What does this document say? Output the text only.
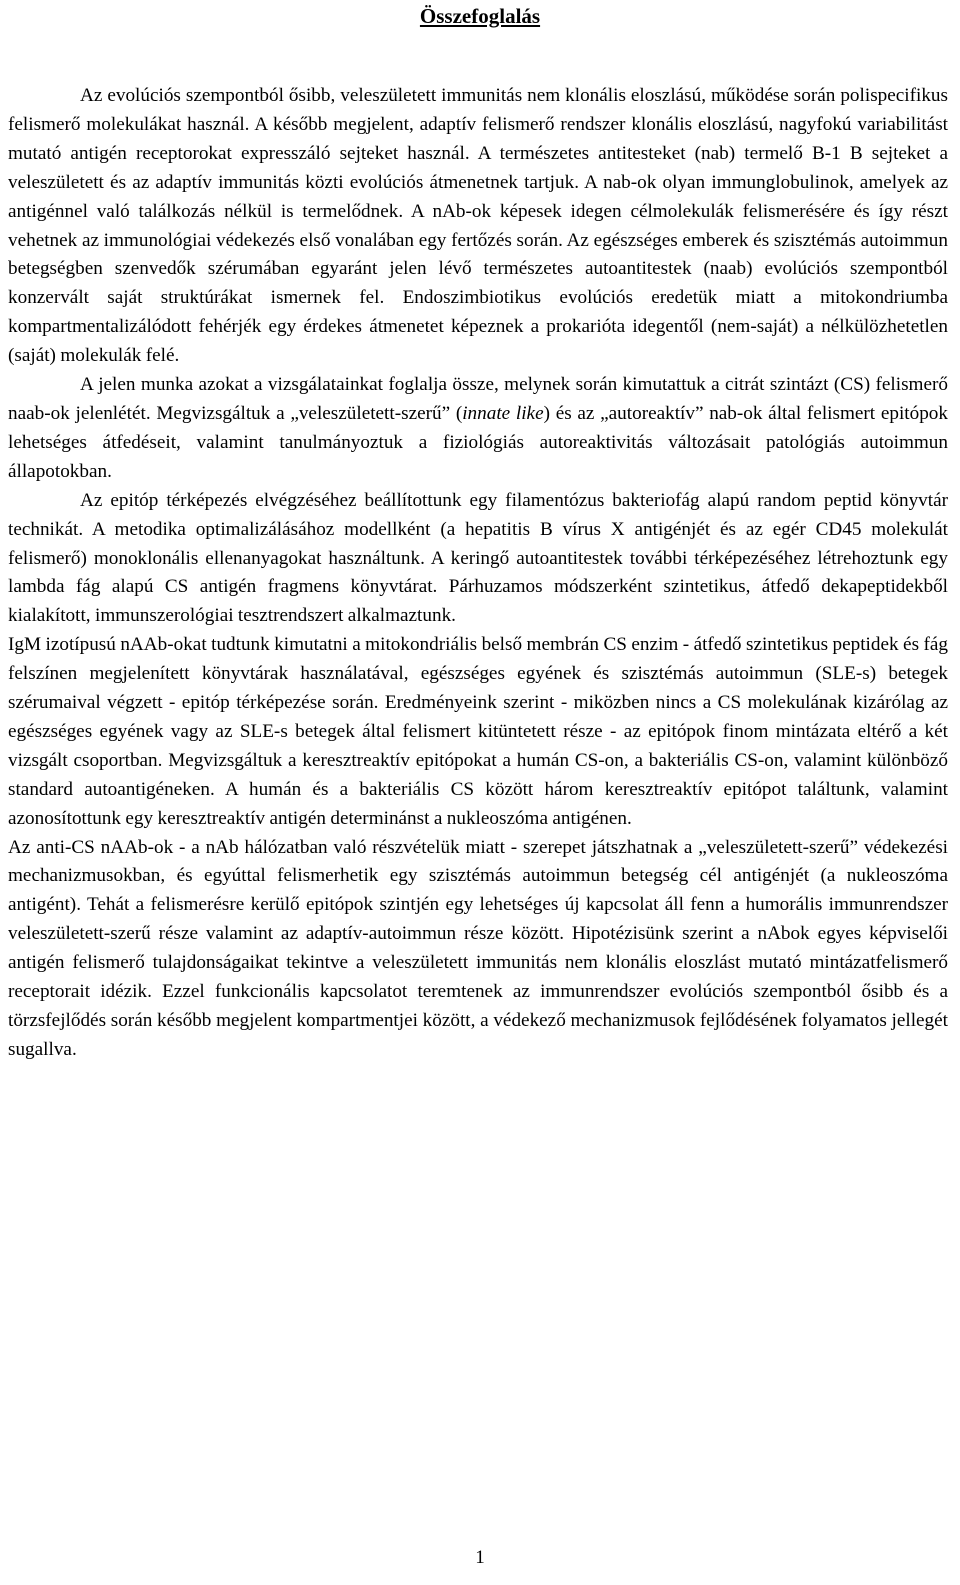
Összefoglalás

Az evolúciós szempontból ősibb, veleszületett immunitás nem klonális eloszlású, működése során polispecifikus felismerő molekulákat használ. A később megjelent, adaptív felismerő rendszer klonális eloszlású, nagyfokú variabilitást mutató antigén receptorokat expresszáló sejteket használ. A természetes antitesteket (nab) termelő B-1 B sejteket a veleszületett és az adaptív immunitás közti evolúciós átmenetnek tartjuk. A nab-ok olyan immunglobulinok, amelyek az antigénnel való találkozás nélkül is termelődnek. A nAb-ok képesek idegen célmolekulák felismerésére és így részt vehetnek az immunológiai védekezés első vonalában egy fertőzés során. Az egészséges emberek és szisztémás autoimmun betegségben szenvedők szérumában egyaránt jelen lévő természetes autoantitestek (naab) evolúciós szempontból konzervált saját struktúrákat ismernek fel. Endoszimbiotikus evolúciós eredetük miatt a mitokondriumba kompartmentalizálódott fehérjék egy érdekes átmenetet képeznek a prokarióta idegentől (nem-saját) a nélkülözhetetlen (saját) molekulák felé.

A jelen munka azokat a vizsgálatainkat foglalja össze, melynek során kimutattuk a citrát szintázt (CS) felismerő naab-ok jelenlétét. Megvizsgáltuk a „veleszületett-szerű” (innate like) és az „autoreaktív” nab-ok által felismert epitópok lehetséges átfedéseit, valamint tanulmányoztuk a fiziológiás autoreaktivitás változásait patológiás autoimmun állapotokban.

Az epitóp térképezés elvégzéséhez beállítottunk egy filamentózus bakteriofág alapú random peptid könyvtár technikát. A metodika optimalizálásához modellként (a hepatitis B vírus X antigénjét és az egér CD45 molekulát felismerő) monoklonális ellenanyagokat használtunk. A keringő autoantitestek további térképezéséhez létrehoztunk egy lambda fág alapú CS antigén fragmens könyvtárat. Párhuzamos módszerként szintetikus, átfedő dekapeptidekből kialakított, immunszerológiai tesztrendszert alkalmaztunk.

IgM izotípusú nAAb-okat tudtunk kimutatni a mitokondriális belső membrán CS enzim - átfedő szintetikus peptidek és fág felszínen megjelenített könyvtárak használatával, egészséges egyének és szisztémás autoimmun (SLE-s) betegek szérumaival végzett - epitóp térképezése során. Eredményeink szerint - miközben nincs a CS molekulának kizárólag az egészséges egyének vagy az SLE-s betegek által felismert kitüntetett része - az epitópok finom mintázata eltérő a két vizsgált csoportban. Megvizsgáltuk a keresztreaktív epitópokat a humán CS-on, a bakteriális CS-on, valamint különböző standard autoantigéneken. A humán és a bakteriális CS között három keresztreaktív epitópot találtunk, valamint azonosítottunk egy keresztreaktív antigén determinánst a nukleoszóma antigénen.

Az anti-CS nAAb-ok - a nAb hálózatban való részvételük miatt - szerepet játszhatnak a „veleszületett-szerű” védekezési mechanizmusokban, és egyúttal felismerhetik egy szisztémás autoimmun betegség cél antigénjét (a nukleoszóma antigént). Tehát a felismerésre kerülő epitópok szintjén egy lehetséges új kapcsolat áll fenn a humorális immunrendszer veleszületett-szerű része valamint az adaptív-autoimmun része között. Hipotézisünk szerint a nAbok egyes képviselői antigén felismerő tulajdonságaikat tekintve a veleszületett immunitás nem klonális eloszlást mutató mintázatfelismerő receptorait idézik. Ezzel funkcionális kapcsolatot teremtenek az immunrendszer evolúciós szempontból ősibb és a törzsfejlődés során később megjelent kompartmentjei között, a védekező mechanizmusok fejlődésének folyamatos jellegét sugallva.

1
